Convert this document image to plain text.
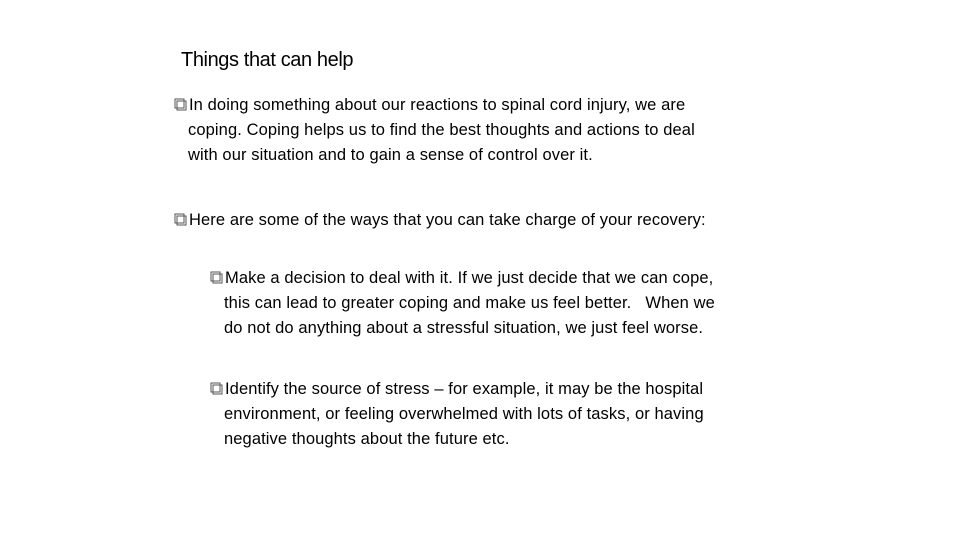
Things that can help
In doing something about our reactions to spinal cord injury, we are
coping. Coping helps us to find the best thoughts and actions to deal
with our situation and to gain a sense of control over it.
Here are some of the ways that you can take charge of your recovery:
Make a decision to deal with it. If we just decide that we can cope,
this can lead to greater coping and make us feel better.   When we
do not do anything about a stressful situation, we just feel worse.
Identify the source of stress – for example, it may be the hospital
environment, or feeling overwhelmed with lots of tasks, or having
negative thoughts about the future etc.
